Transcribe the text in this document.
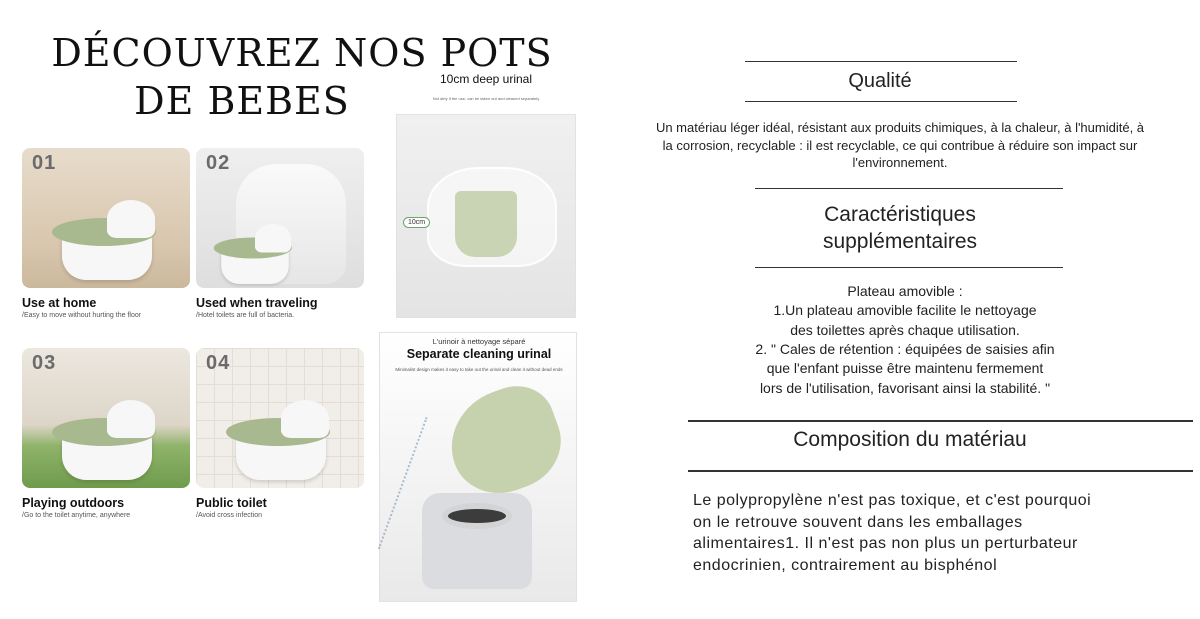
DÉCOUVREZ NOS POTS
DE BEBES
01
Use at home
/Easy to move without hurting the floor
02
Used when traveling
/Hotel toilets are full of bacteria.
03
Playing outdoors
/Go to the toilet anytime, anywhere
04
Public toilet
/Avoid cross infection
10cm deep urinal
Not dirty if the use, can be taken out and cleaned separately
10cm
L'urinoir à nettoyage séparé
Separate cleaning urinal
Minimalist design makes it easy to take out the urinal and clean it without dead ends
Qualité
Un matériau léger idéal, résistant aux produits chimiques, à la chaleur, à l'humidité, à la corrosion, recyclable : il est recyclable, ce qui contribue à réduire son impact sur l'environnement.
Caractéristiques supplémentaires
Plateau amovible :
1.Un plateau amovible facilite le nettoyage
des toilettes après chaque utilisation.
2. " Cales de rétention : équipées de saisies afin
que l'enfant puisse être maintenu fermement
lors de l'utilisation, favorisant ainsi la stabilité. "
Composition du matériau
Le polypropylène n'est pas toxique, et c'est pourquoi on le retrouve souvent dans les emballages alimentaires1. Il n'est pas non plus un perturbateur endocrinien, contrairement au bisphénol
